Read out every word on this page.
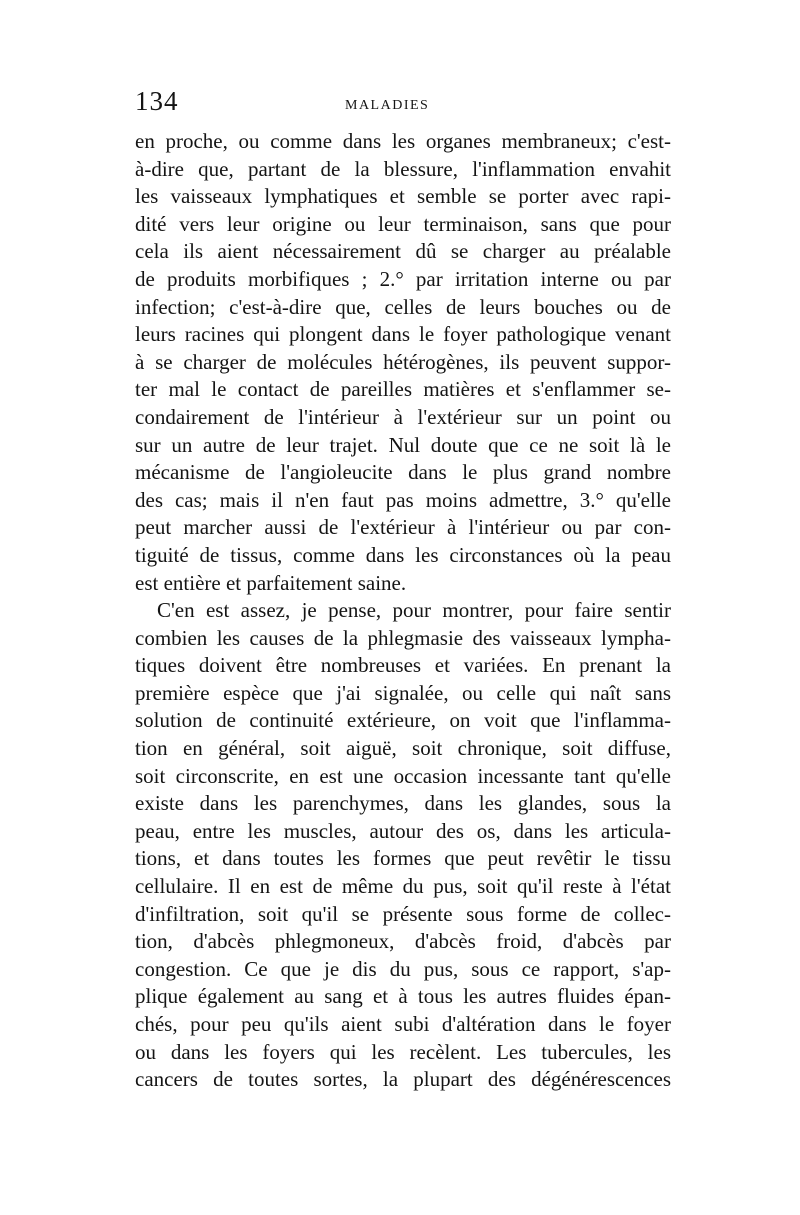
134	MALADIES
en proche, ou comme dans les organes membraneux; c'est-
à-dire que, partant de la blessure, l'inflammation envahit
les vaisseaux lymphatiques et semble se porter avec rapi-
dité vers leur origine ou leur terminaison, sans que pour
cela ils aient nécessairement dû se charger au préalable
de produits morbifiques ; 2.° par irritation interne ou par
infection; c'est-à-dire que, celles de leurs bouches ou de
leurs racines qui plongent dans le foyer pathologique venant
à se charger de molécules hétérogènes, ils peuvent suppor-
ter mal le contact de pareilles matières et s'enflammer se-
condairement de l'intérieur à l'extérieur sur un point ou
sur un autre de leur trajet. Nul doute que ce ne soit là le
mécanisme de l'angioleucite dans le plus grand nombre
des cas; mais il n'en faut pas moins admettre, 3.° qu'elle
peut marcher aussi de l'extérieur à l'intérieur ou par con-
tiguité de tissus, comme dans les circonstances où la peau
est entière et parfaitement saine.
C'en est assez, je pense, pour montrer, pour faire sentir
combien les causes de la phlegmasie des vaisseaux lympha-
tiques doivent être nombreuses et variées. En prenant la
première espèce que j'ai signalée, ou celle qui naît sans
solution de continuité extérieure, on voit que l'inflamma-
tion en général, soit aiguë, soit chronique, soit diffuse,
soit circonscrite, en est une occasion incessante tant qu'elle
existe dans les parenchymes, dans les glandes, sous la
peau, entre les muscles, autour des os, dans les articula-
tions, et dans toutes les formes que peut revêtir le tissu
cellulaire. Il en est de même du pus, soit qu'il reste à l'état
d'infiltration, soit qu'il se présente sous forme de collec-
tion, d'abcès phlegmoneux, d'abcès froid, d'abcès par
congestion. Ce que je dis du pus, sous ce rapport, s'ap-
plique également au sang et à tous les autres fluides épan-
chés, pour peu qu'ils aient subi d'altération dans le foyer
ou dans les foyers qui les recèlent. Les tubercules, les
cancers de toutes sortes, la plupart des dégénérescences
